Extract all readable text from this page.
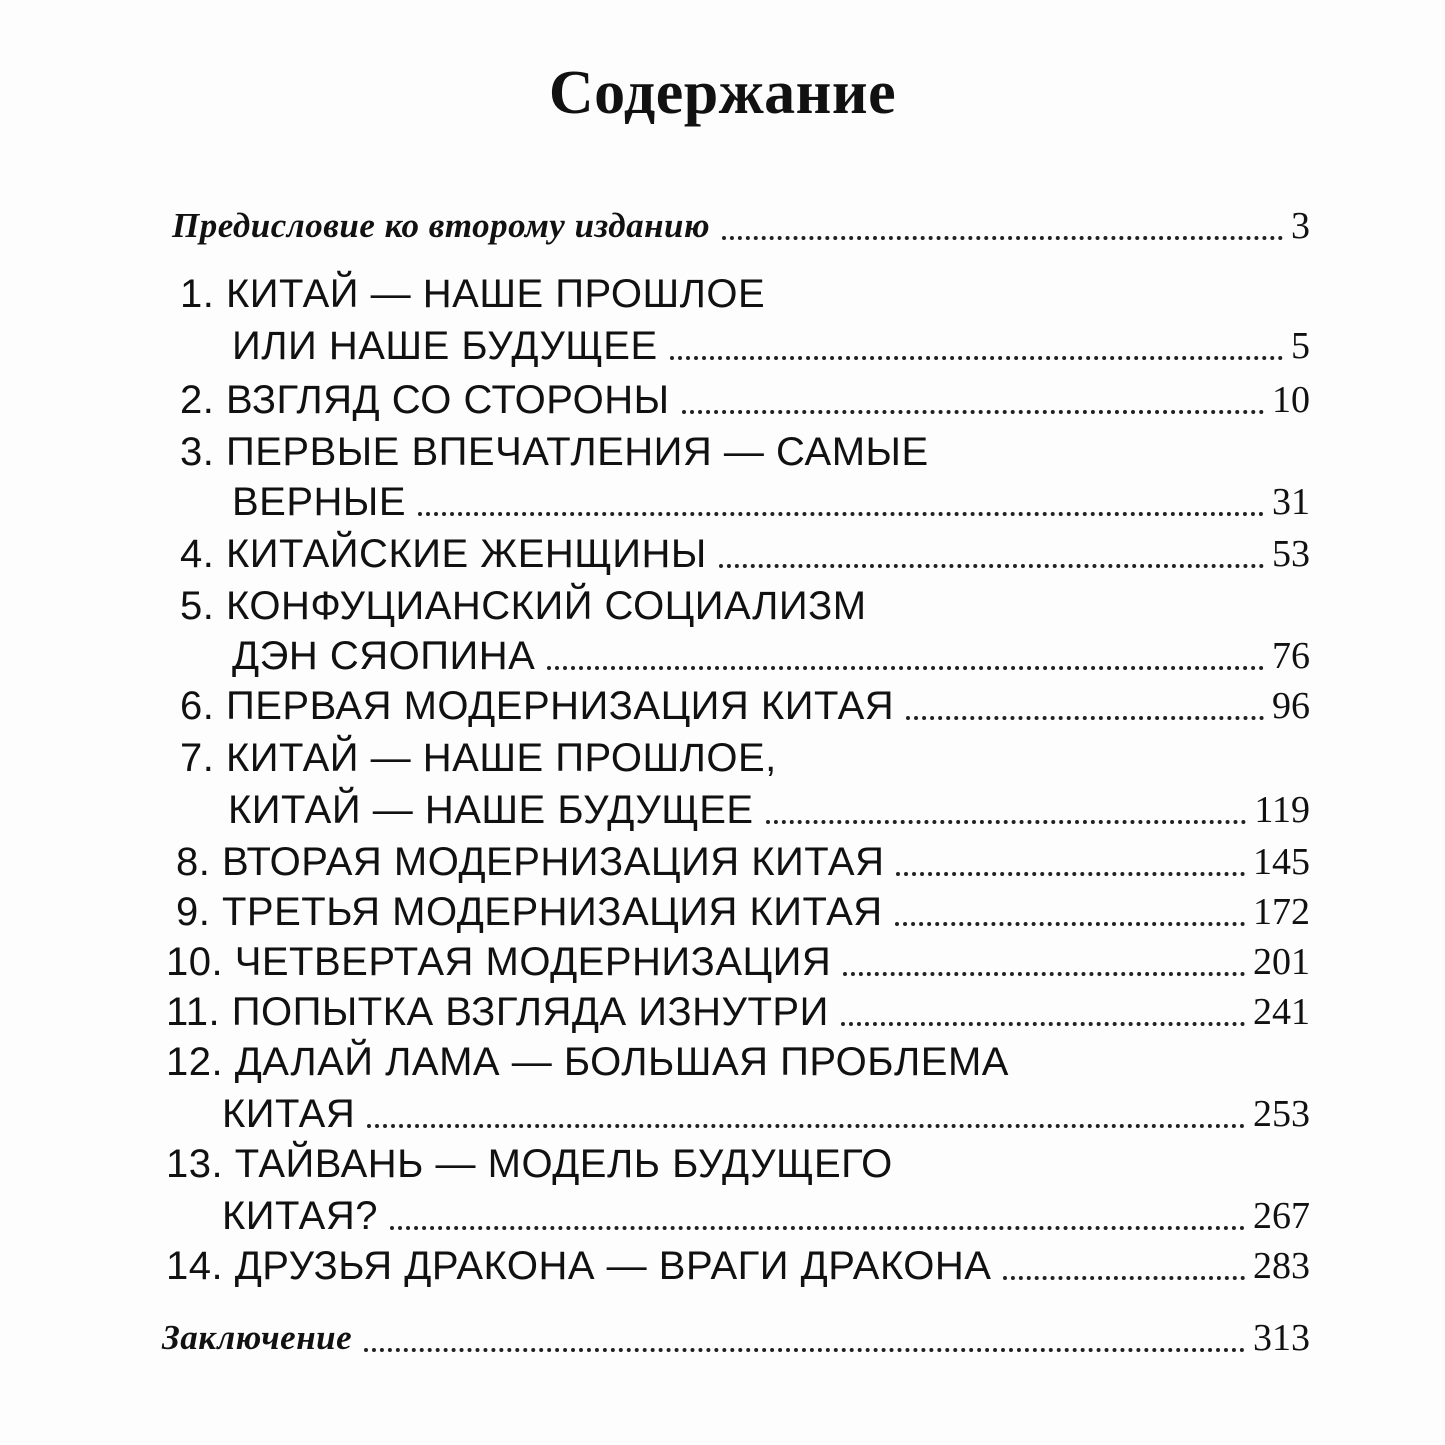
Содержание
Предисловие ко второму изданию	3
1. КИТАЙ — НАШЕ ПРОШЛОЕ
ИЛИ НАШЕ БУДУЩЕЕ	5
2. ВЗГЛЯД СО СТОРОНЫ	10
3. ПЕРВЫЕ ВПЕЧАТЛЕНИЯ — САМЫЕ
ВЕРНЫЕ	31
4. КИТАЙСКИЕ ЖЕНЩИНЫ	53
5. КОНФУЦИАНСКИЙ СОЦИАЛИЗМ
ДЭН СЯОПИНА	76
6. ПЕРВАЯ МОДЕРНИЗАЦИЯ КИТАЯ	96
7. КИТАЙ — НАШЕ ПРОШЛОЕ,
КИТАЙ — НАШЕ БУДУЩЕЕ	119
8. ВТОРАЯ МОДЕРНИЗАЦИЯ КИТАЯ	145
9. ТРЕТЬЯ МОДЕРНИЗАЦИЯ КИТАЯ	172
10. ЧЕТВЕРТАЯ МОДЕРНИЗАЦИЯ	201
11. ПОПЫТКА ВЗГЛЯДА ИЗНУТРИ	241
12. ДАЛАЙ ЛАМА — БОЛЬШАЯ ПРОБЛЕМА
КИТАЯ	253
13. ТАЙВАНЬ — МОДЕЛЬ БУДУЩЕГО
КИТАЯ?	267
14. ДРУЗЬЯ ДРАКОНА — ВРАГИ ДРАКОНА	283
Заключение	313
